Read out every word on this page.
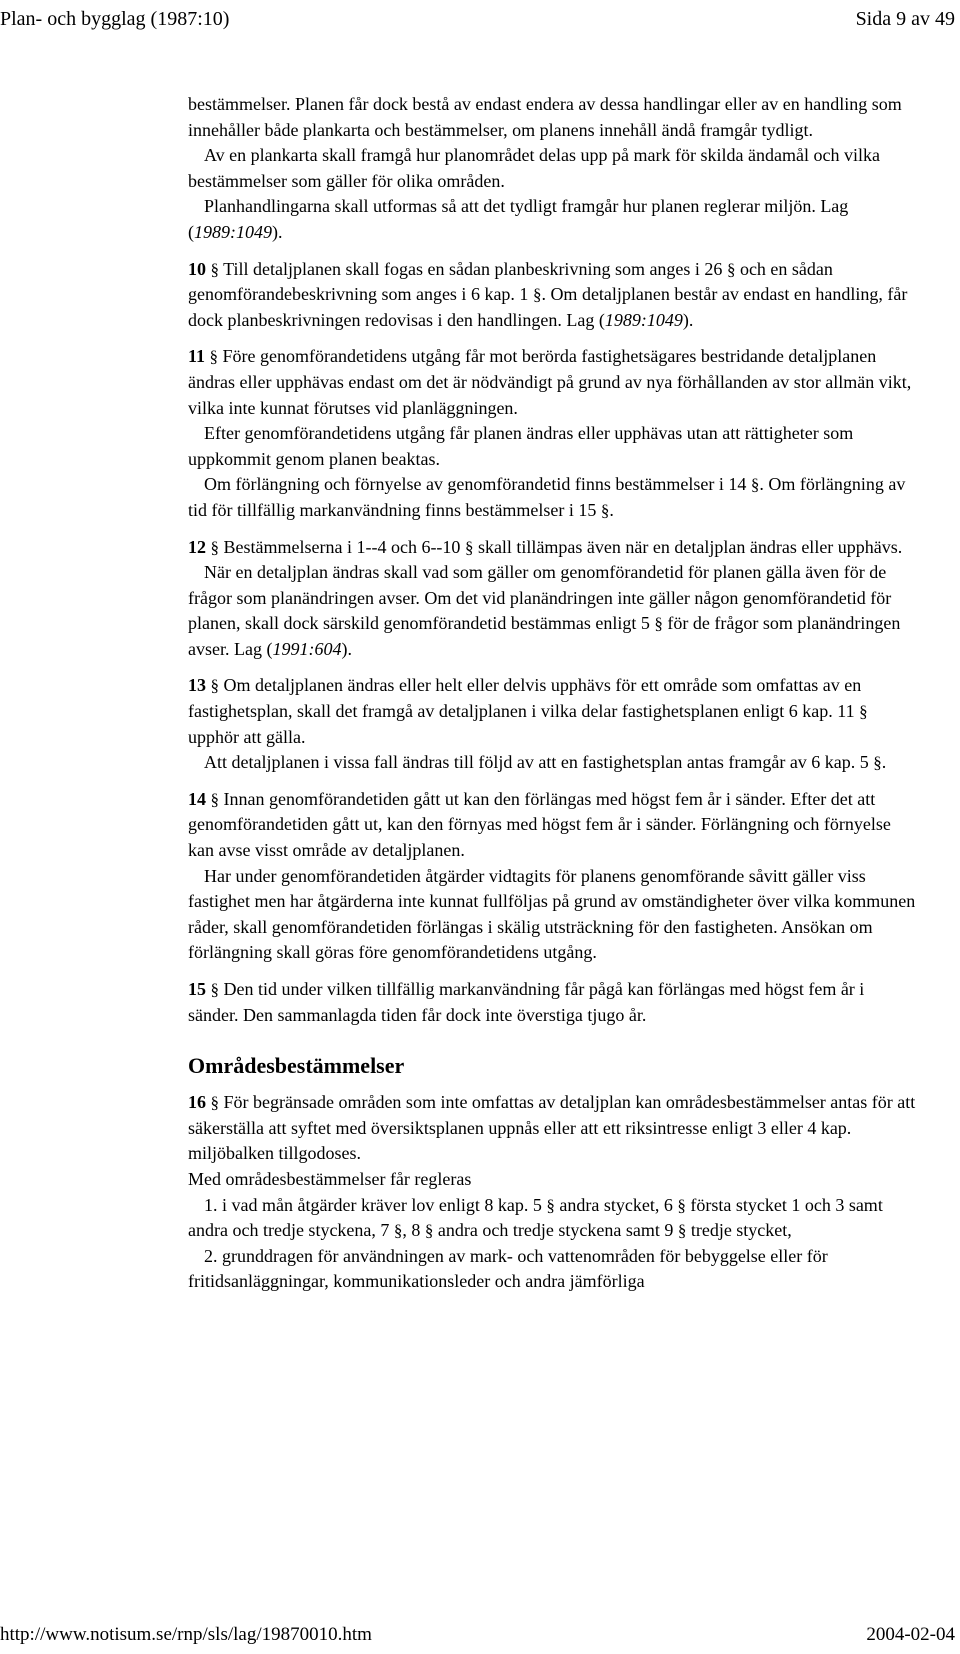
Plan- och bygglag (1987:10)	Sida 9 av 49

bestämmelser. Planen får dock bestå av endast endera av dessa handlingar eller av en handling som innehåller både plankarta och bestämmelser, om planens innehåll ändå framgår tydligt.

Av en plankarta skall framgå hur planområdet delas upp på mark för skilda ändamål och vilka bestämmelser som gäller för olika områden.

Planhandlingarna skall utformas så att det tydligt framgår hur planen reglerar miljön. Lag (1989:1049).

10 § Till detaljplanen skall fogas en sådan planbeskrivning som anges i 26 § och en sådan genomförandebeskrivning som anges i 6 kap. 1 §. Om detaljplanen består av endast en handling, får dock planbeskrivningen redovisas i den handlingen. Lag (1989:1049).

11 § Före genomförandetidens utgång får mot berörda fastighetsägares bestridande detaljplanen ändras eller upphävas endast om det är nödvändigt på grund av nya förhållanden av stor allmän vikt, vilka inte kunnat förutses vid planläggningen.

Efter genomförandetidens utgång får planen ändras eller upphävas utan att rättigheter som uppkommit genom planen beaktas.

Om förlängning och förnyelse av genomförandetid finns bestämmelser i 14 §. Om förlängning av tid för tillfällig markanvändning finns bestämmelser i 15 §.

12 § Bestämmelserna i 1--4 och 6--10 § skall tillämpas även när en detaljplan ändras eller upphävs.

När en detaljplan ändras skall vad som gäller om genomförandetid för planen gälla även för de frågor som planändringen avser. Om det vid planändringen inte gäller någon genomförandetid för planen, skall dock särskild genomförandetid bestämmas enligt 5 § för de frågor som planändringen avser. Lag (1991:604).

13 § Om detaljplanen ändras eller helt eller delvis upphävs för ett område som omfattas av en fastighetsplan, skall det framgå av detaljplanen i vilka delar fastighetsplanen enligt 6 kap. 11 § upphör att gälla.

Att detaljplanen i vissa fall ändras till följd av att en fastighetsplan antas framgår av 6 kap. 5 §.

14 § Innan genomförandetiden gått ut kan den förlängas med högst fem år i sänder. Efter det att genomförandetiden gått ut, kan den förnyas med högst fem år i sänder. Förlängning och förnyelse kan avse visst område av detaljplanen.

Har under genomförandetiden åtgärder vidtagits för planens genomförande såvitt gäller viss fastighet men har åtgärderna inte kunnat fullföljas på grund av omständigheter över vilka kommunen råder, skall genomförandetiden förlängas i skälig utsträckning för den fastigheten. Ansökan om förlängning skall göras före genomförandetidens utgång.

15 § Den tid under vilken tillfällig markanvändning får pågå kan förlängas med högst fem år i sänder. Den sammanlagda tiden får dock inte överstiga tjugo år.

Områdesbestämmelser

16 § För begränsade områden som inte omfattas av detaljplan kan områdesbestämmelser antas för att säkerställa att syftet med översiktsplanen uppnås eller att ett riksintresse enligt 3 eller 4 kap. miljöbalken tillgodoses.

Med områdesbestämmelser får regleras

1. i vad mån åtgärder kräver lov enligt 8 kap. 5 § andra stycket, 6 § första stycket 1 och 3 samt andra och tredje styckena, 7 §, 8 § andra och tredje styckena samt 9 § tredje stycket,

2. grunddragen för användningen av mark- och vattenområden för bebyggelse eller för fritidsanläggningar, kommunikationsleder och andra jämförliga

http://www.notisum.se/rnp/sls/lag/19870010.htm	2004-02-04
